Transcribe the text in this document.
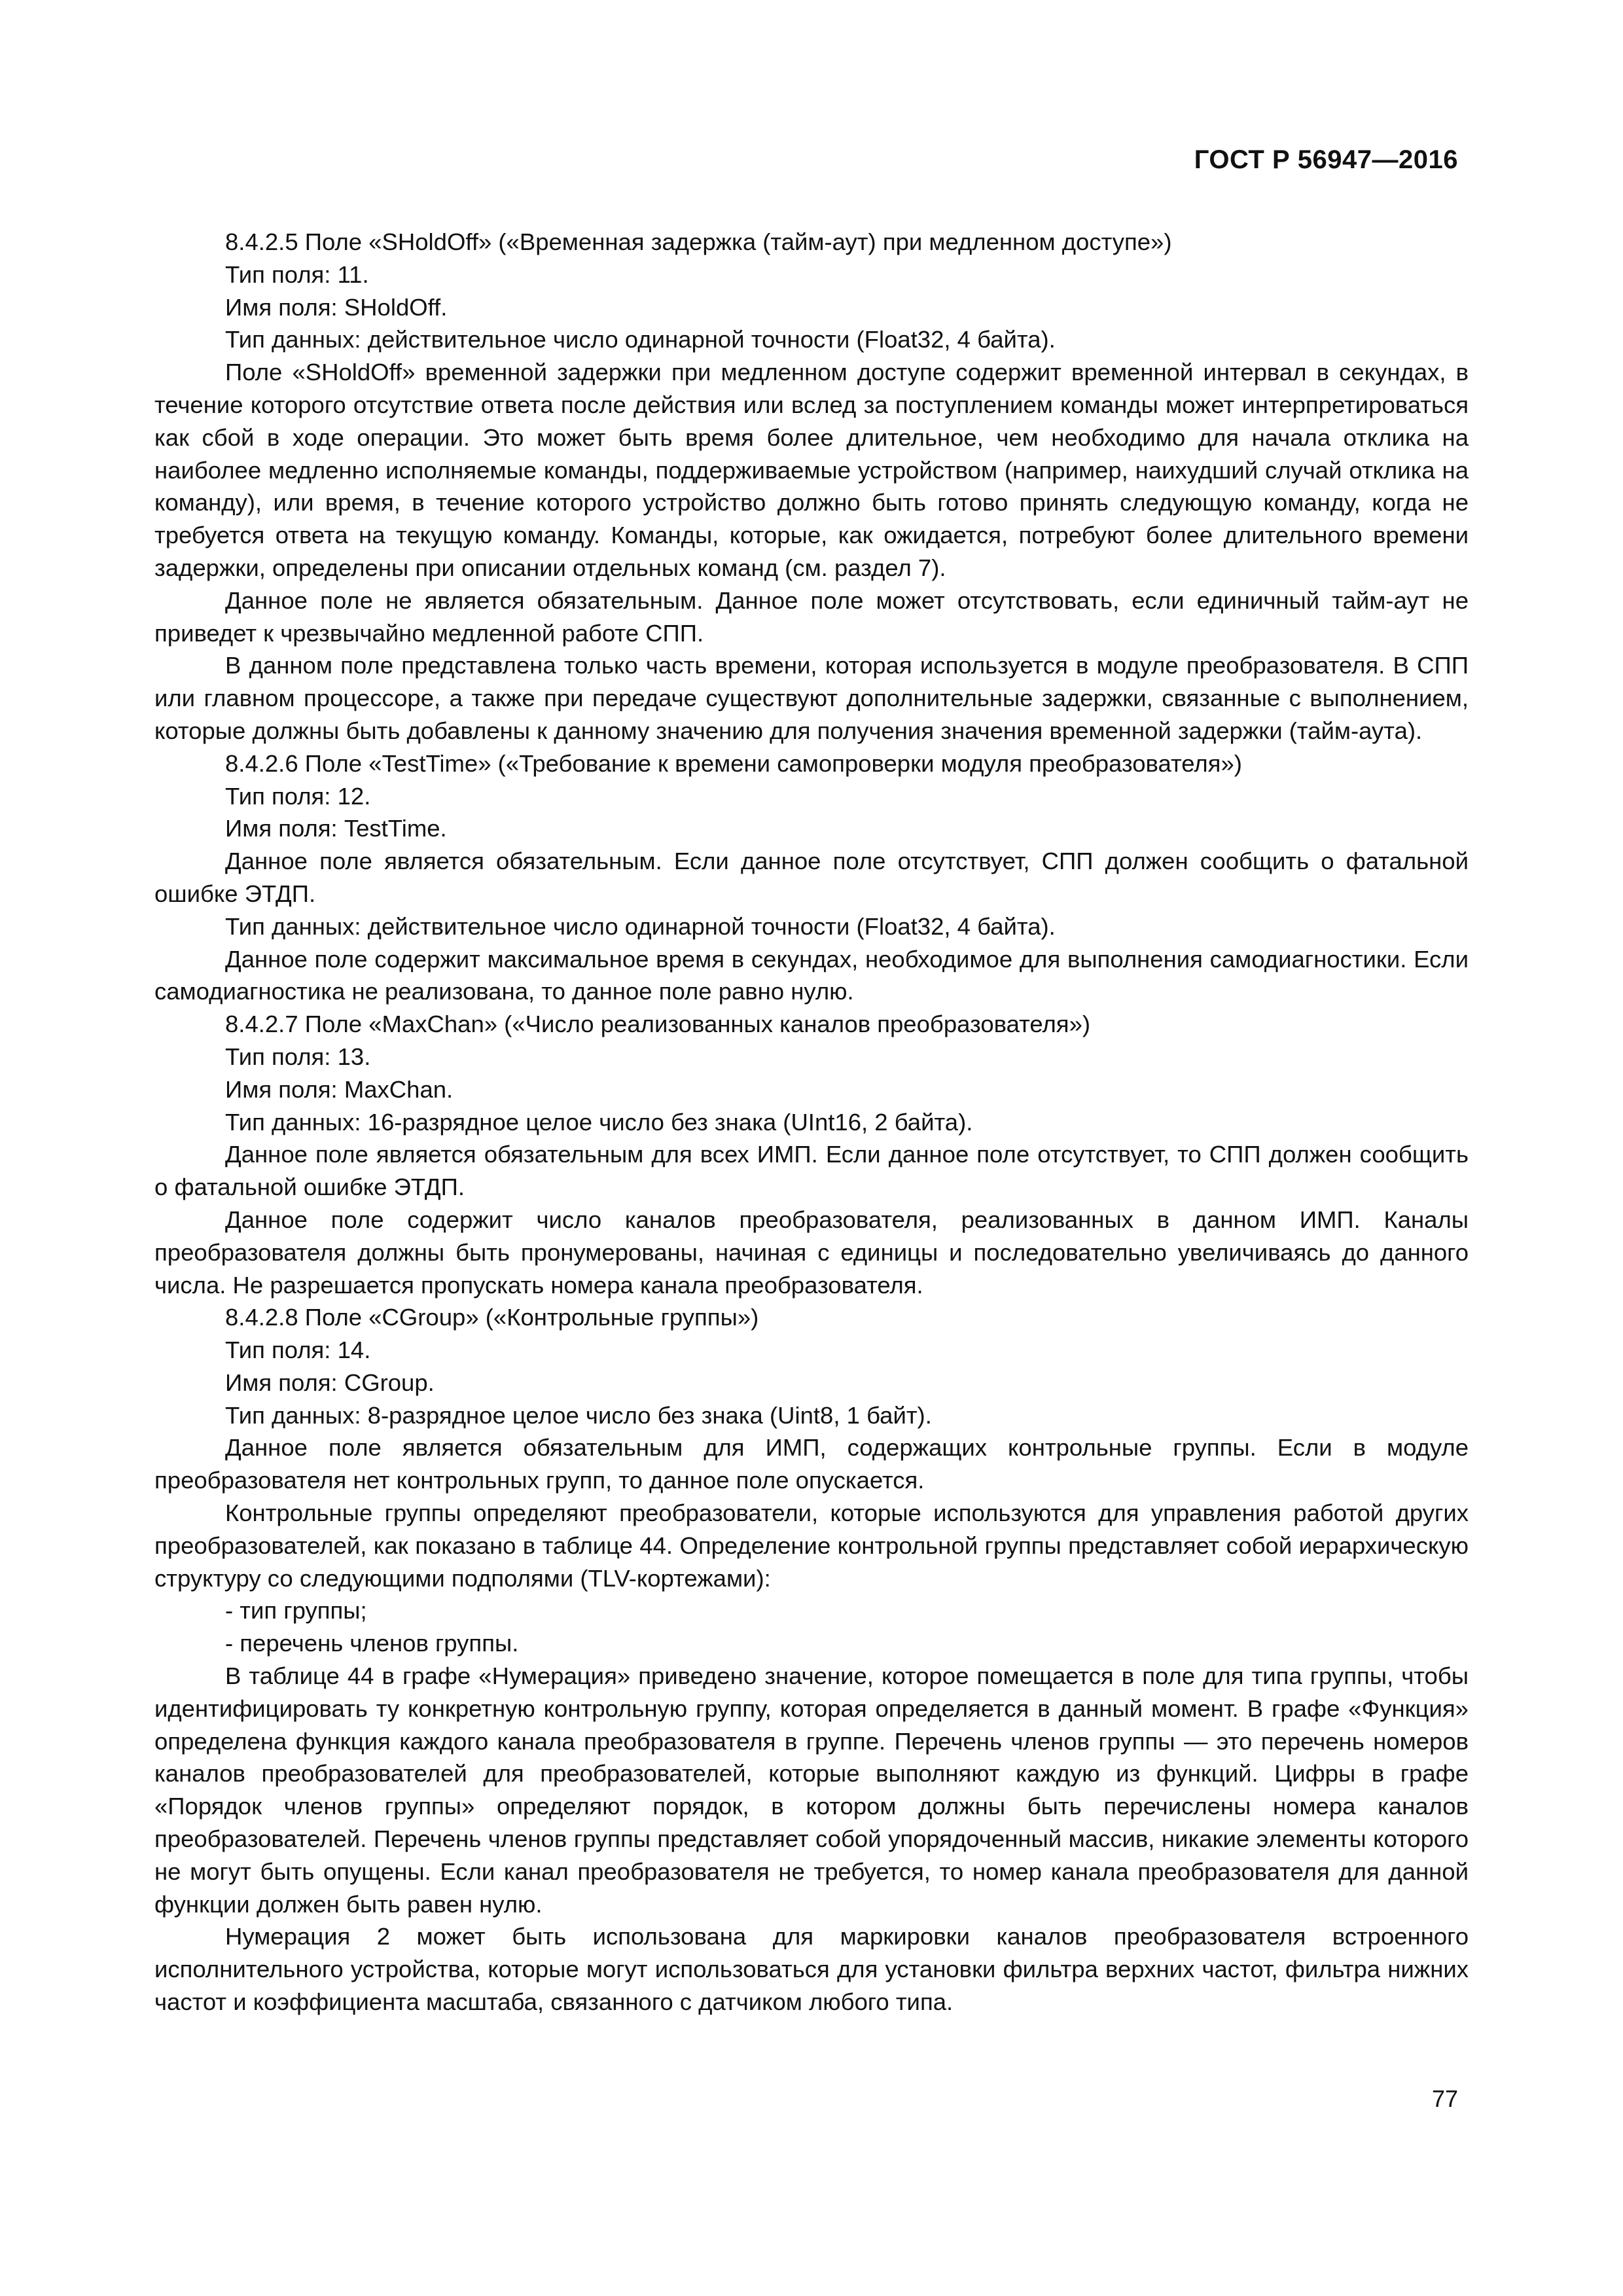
ГОСТ Р 56947—2016

8.4.2.5 Поле «SHoldOff» («Временная задержка (тайм-аут) при медленном доступе»)

Тип поля: 11.

Имя поля: SHoldOff.

Тип данных: действительное число одинарной точности (Float32, 4 байта).

Поле «SHoldOff» временной задержки при медленном доступе содержит временной интервал в секундах, в течение которого отсутствие ответа после действия или вслед за поступлением команды может интерпретироваться как сбой в ходе операции. Это может быть время более длительное, чем необходимо для начала отклика на наиболее медленно исполняемые команды, поддерживаемые устройством (например, наихудший случай отклика на команду), или время, в течение которого устройство должно быть готово принять следующую команду, когда не требуется ответа на текущую команду. Команды, которые, как ожидается, потребуют более длительного времени задержки, определены при описании отдельных команд (см. раздел 7).

Данное поле не является обязательным. Данное поле может отсутствовать, если единичный тайм-аут не приведет к чрезвычайно медленной работе СПП.

В данном поле представлена только часть времени, которая используется в модуле преобразователя. В СПП или главном процессоре, а также при передаче существуют дополнительные задержки, связанные с выполнением, которые должны быть добавлены к данному значению для получения значения временной задержки (тайм-аута).

8.4.2.6 Поле «TestTime» («Требование к времени самопроверки модуля преобразователя»)

Тип поля: 12.

Имя поля: TestTime.

Данное поле является обязательным. Если данное поле отсутствует, СПП должен сообщить о фатальной ошибке ЭТДП.

Тип данных: действительное число одинарной точности (Float32, 4 байта).

Данное поле содержит максимальное время в секундах, необходимое для выполнения самодиагностики. Если самодиагностика не реализована, то данное поле равно нулю.

8.4.2.7 Поле «MaxChan» («Число реализованных каналов преобразователя»)

Тип поля: 13.

Имя поля: MaxChan.

Тип данных: 16-разрядное целое число без знака (UInt16, 2 байта).

Данное поле является обязательным для всех ИМП. Если данное поле отсутствует, то СПП должен сообщить о фатальной ошибке ЭТДП.

Данное поле содержит число каналов преобразователя, реализованных в данном ИМП. Каналы преобразователя должны быть пронумерованы, начиная с единицы и последовательно увеличиваясь до данного числа. Не разрешается пропускать номера канала преобразователя.

8.4.2.8 Поле «CGroup» («Контрольные группы»)

Тип поля: 14.

Имя поля: CGroup.

Тип данных: 8-разрядное целое число без знака (Uint8, 1 байт).

Данное поле является обязательным для ИМП, содержащих контрольные группы. Если в модуле преобразователя нет контрольных групп, то данное поле опускается.

Контрольные группы определяют преобразователи, которые используются для управления работой других преобразователей, как показано в таблице 44. Определение контрольной группы представляет собой иерархическую структуру со следующими подполями (TLV-кортежами):

- тип группы;

- перечень членов группы.

В таблице 44 в графе «Нумерация» приведено значение, которое помещается в поле для типа группы, чтобы идентифицировать ту конкретную контрольную группу, которая определяется в данный момент. В графе «Функция» определена функция каждого канала преобразователя в группе. Перечень членов группы — это перечень номеров каналов преобразователей для преобразователей, которые выполняют каждую из функций. Цифры в графе «Порядок членов группы» определяют порядок, в котором должны быть перечислены номера каналов преобразователей. Перечень членов группы представляет собой упорядоченный массив, никакие элементы которого не могут быть опущены. Если канал преобразователя не требуется, то номер канала преобразователя для данной функции должен быть равен нулю.

Нумерация 2 может быть использована для маркировки каналов преобразователя встроенного исполнительного устройства, которые могут использоваться для установки фильтра верхних частот, фильтра нижних частот и коэффициента масштаба, связанного с датчиком любого типа.

77
